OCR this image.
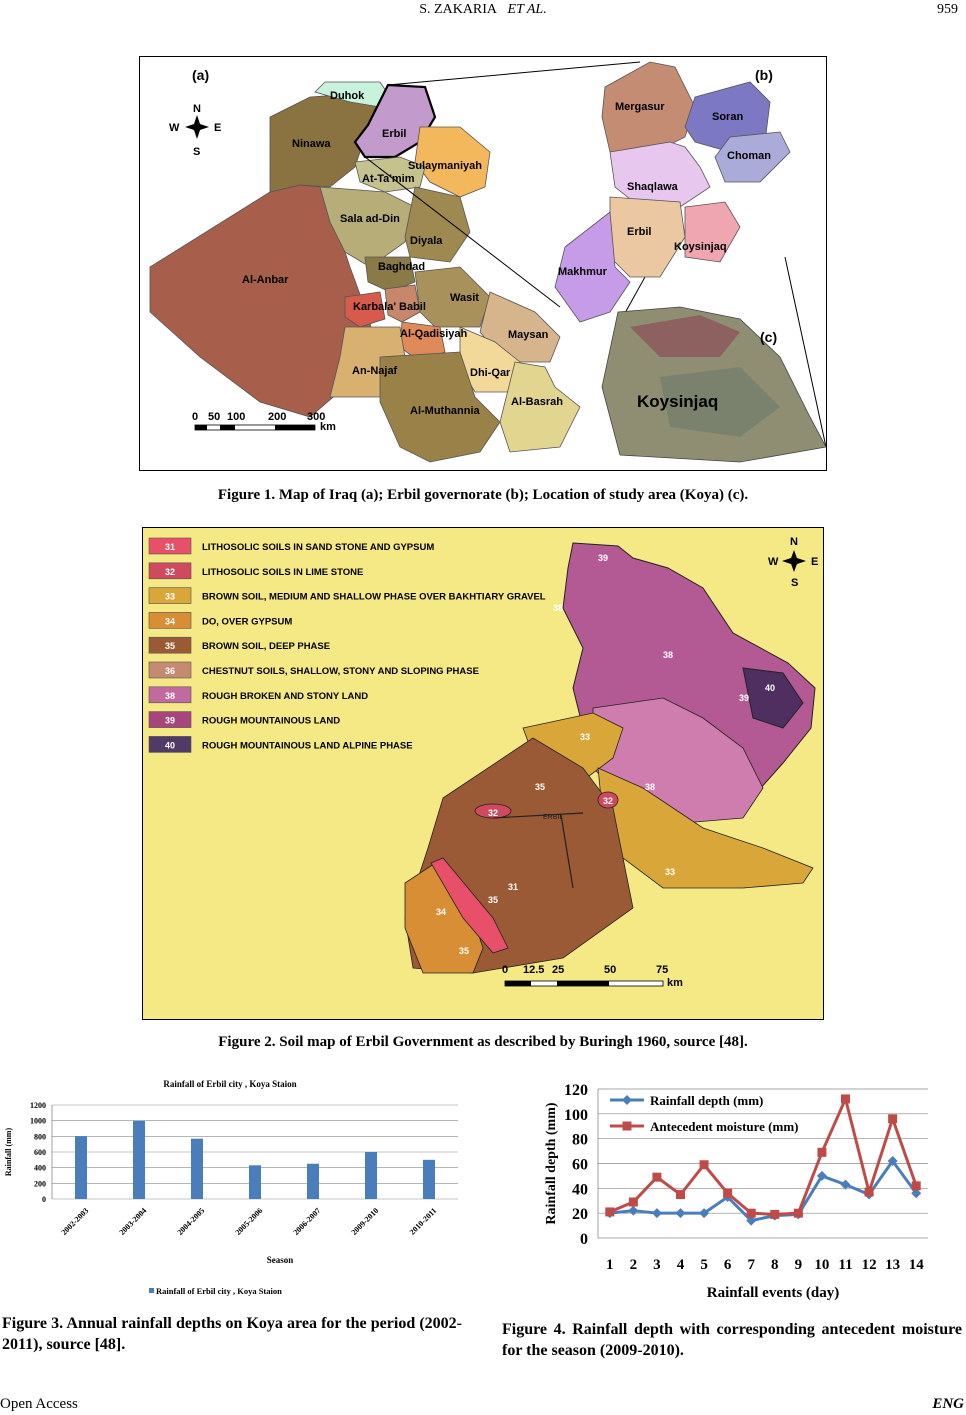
S. ZAKARIA ET AL.	959
Duhok
Ninawa
Erbil
Sulaymaniyah
At-Ta'mim
Sala ad-Din
Diyala
Baghdad
Al-Anbar
Karbala' Babil
Wasit
Al-Qadisiyah	Maysan
An-Najaf	Dhi-Qar
Al-Muthannia
Al-Basrah
N
S
E
W
0 50 100 200 300
km
Mergasur
Soran
Choman
Shaqlawa
Erbil
Koysinjaq
Makhmur
Koysinjaq
(a)	(b)
(c)
Figure 1. Map of Iraq (a); Erbil governorate (b); Location of study area (Koya) (c).
31	LITHOSOLIC SOILS IN SAND STONE AND GYPSUM
32	LITHOSOLIC SOILS IN LIME STONE
33	BROWN SOIL, MEDIUM AND SHALLOW PHASE OVER BAKHTIARY GRAVEL
34	DO, OVER GYPSUM
35	BROWN SOIL, DEEP PHASE
36	CHESTNUT SOILS, SHALLOW, STONY AND SLOPING PHASE
38	ROUGH BROKEN AND STONY LAND
39	ROUGH MOUNTAINOUS LAND
40	ROUGH MOUNTAINOUS LAND ALPINE PHASE
39
38
38
39
40
35
33
38
32
32
33
31
35
34
35
ERBIL
N
S
E
W
0 12.5 25	50	75
km
Figure 2. Soil map of Erbil Government as described by Buringh 1960, source [48].
Rainfall of Erbil city , Koya Staion
0
200
400
600
800
1000
1200
Rainfall (mm)
2002-2003	2003-2004	2004-2005	2005-2006	2006-2007	2009-2010	2010-2011
Season
Rainfall of Erbil city , Koya Staion
Figure 3. Annual rainfall depths on Koya area for the period (2002-2011), source [48].
0
20
40
60
80
100
120
Rainfall depth (mm)
1 2 3 4 5 6 7 8 9 10 11 12 13 14
Rainfall events (day)
Rainfall depth (mm)
Antecedent moisture (mm)
Figure 4. Rainfall depth with corresponding antecedent moisture for the season (2009-2010).
Open Access	ENG
